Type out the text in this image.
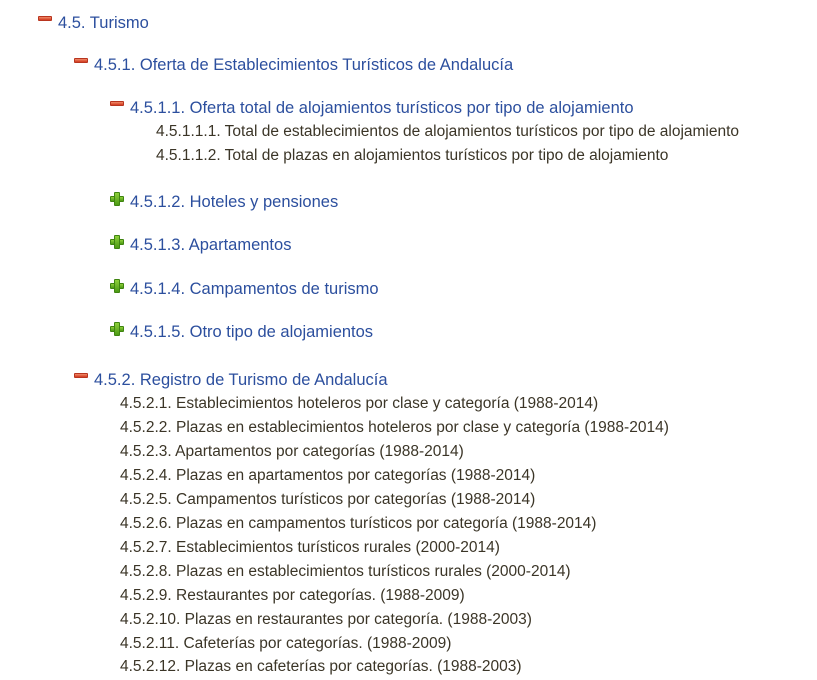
4.5. Turismo
4.5.1. Oferta de Establecimientos Turísticos de Andalucía
4.5.1.1. Oferta total de alojamientos turísticos por tipo de alojamiento
4.5.1.1.1. Total de establecimientos de alojamientos turísticos por tipo de alojamiento
4.5.1.1.2. Total de plazas en alojamientos turísticos por tipo de alojamiento
4.5.1.2. Hoteles y pensiones
4.5.1.3. Apartamentos
4.5.1.4. Campamentos de turismo
4.5.1.5. Otro tipo de alojamientos
4.5.2. Registro de Turismo de Andalucía
4.5.2.1. Establecimientos hoteleros por clase y categoría (1988-2014)
4.5.2.2. Plazas en establecimientos hoteleros por clase y categoría (1988-2014)
4.5.2.3. Apartamentos por categorías (1988-2014)
4.5.2.4. Plazas en apartamentos por categorías (1988-2014)
4.5.2.5. Campamentos turísticos por categorías (1988-2014)
4.5.2.6. Plazas en campamentos turísticos por categoría (1988-2014)
4.5.2.7. Establecimientos turísticos rurales (2000-2014)
4.5.2.8. Plazas en establecimientos turísticos rurales (2000-2014)
4.5.2.9. Restaurantes por categorías. (1988-2009)
4.5.2.10. Plazas en restaurantes por categoría. (1988-2003)
4.5.2.11. Cafeterías por categorías. (1988-2009)
4.5.2.12. Plazas en cafeterías por categorías. (1988-2003)
